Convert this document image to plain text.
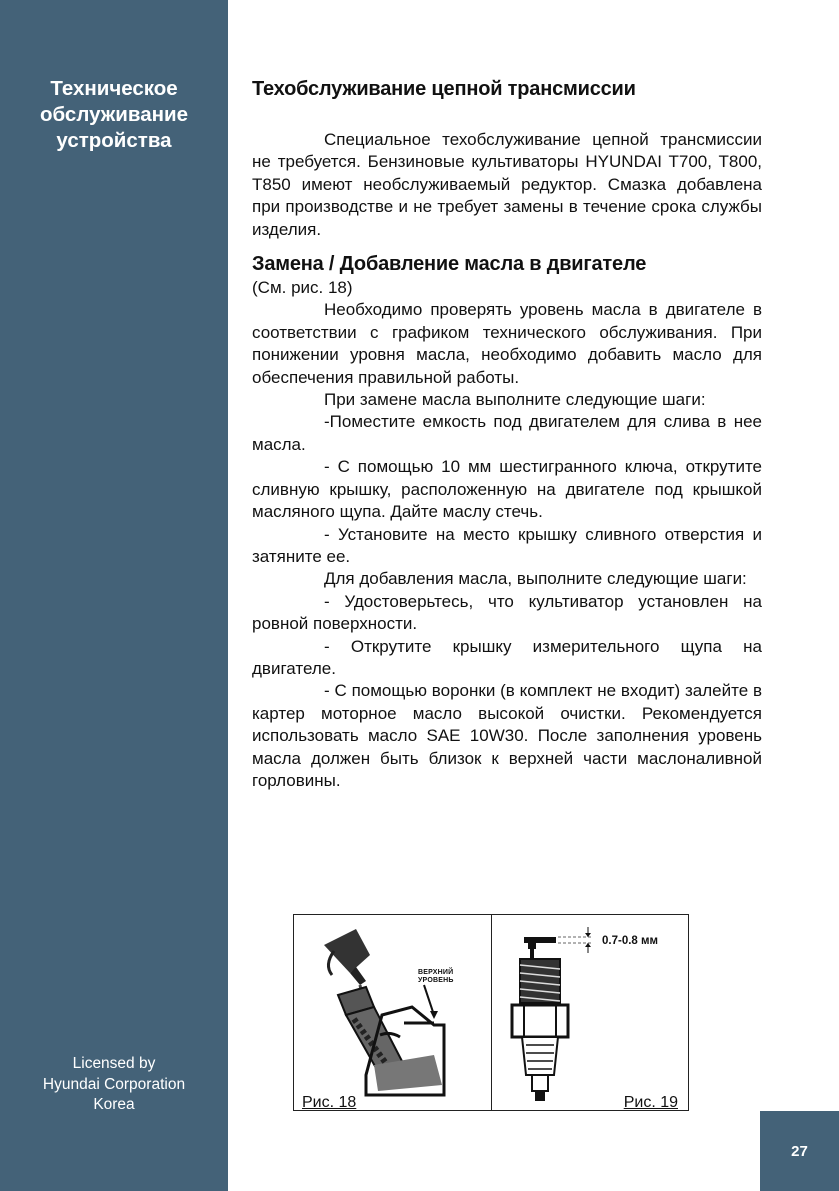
Техническое
обслуживание
устройства
Licensed by
Hyundai Corporation
Korea
27
Техобслуживание цепной трансмиссии

Специальное техобслуживание цепной трансмиссии не требуется. Бензиновые культиваторы HYUNDAI T700, T800, T850 имеют необслуживаемый редуктор. Смазка добавлена при производстве и не требует замены в течение срока службы изделия.

Замена / Добавление масла в двигателе

(См. рис. 18)

Необходимо проверять уровень масла в двигателе в соответствии с графиком технического обслуживания. При понижении уровня масла, необходимо добавить масло для обеспечения правильной работы.

При замене масла выполните следующие шаги:

-Поместите емкость под двигателем для слива в нее масла.

- С помощью 10 мм шестигранного ключа, открутите сливную крышку, расположенную на двигателе под крышкой масляного щупа. Дайте маслу стечь.

- Установите на место крышку сливного отверстия и затяните ее.

Для добавления масла, выполните следующие шаги:

- Удостоверьтесь, что культиватор установлен на ровной поверхности.

- Открутите крышку измерительного щупа на двигателе.

- С помощью воронки (в комплект не входит) залейте в картер моторное масло высокой очистки. Рекомендуется использовать масло SAE 10W30. После заполнения уровень масла должен быть близок к верхней части маслоналивной горловины.

ВЕРХНИЙ
УРОВЕНЬ
Рис. 18
0.7-0.8 мм
Рис. 19
